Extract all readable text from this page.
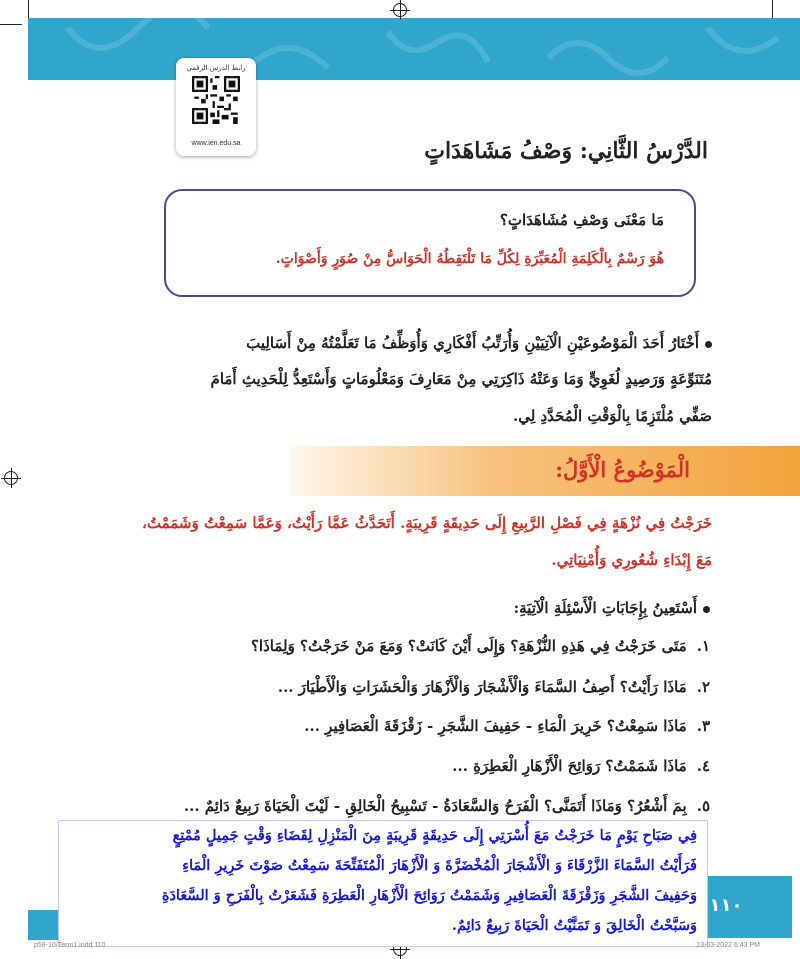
رابط الدرس الرقمي
www.ien.edu.sa	الدَّرْسُ الثَّانِي: وَصْفُ مَشَاهَدَاتٍ
مَا مَعْنَى وَصْفِ مُشَاهَدَاتٍ؟
هُوَ رَسْمٌ بِالْكَلِمَةِ الْمُعَبِّرَةِ لِكُلِّ مَا تَلْتَقِطُهُ الْحَوَاسُّ مِنْ صُوَرٍ وَأَصْوَاتٍ.
أَخْتَارُ أَحَدَ الْمَوْضُوعَيْنِ الْآتِيَيْنِ وَأُرَتِّبُ أَفْكَارِي وَأُوَظِّفُ مَا تَعَلَّمْتُهُ مِنْ أَسَالِيبَ
مُتَنَوِّعَةٍ وَرَصِيدٍ لُغَوِيٍّ وَمَا وَعَتْهُ ذَاكِرَتِي مِنْ مَعَارِفَ وَمَعْلُومَاتٍ وَأَسْتَعِدُّ لِلْحَدِيثِ أَمَامَ
صَفِّي مُلْتَزِمًا بِالْوَقْتِ الْمُحَدَّدِ لِي.
الْمَوْضُوعُ الْأَوَّلُ:
خَرَجْتُ فِي نُزْهَةٍ فِي فَصْلِ الرَّبِيعِ إِلَى حَدِيقَةٍ قَرِيبَةٍ. أَتَحَدَّثُ عَمَّا رَأَيْتُ، وَعَمَّا سَمِعْتُ وَشَمَمْتُ،
مَعَ إِبْدَاءِ شُعُورِي وَأُمْنِيَاتِي.
أَسْتَعِينُ بِإِجَابَاتِ الْأَسْئِلَةِ الْآتِيَةِ:
١.مَتَى خَرَجْتُ فِي هَذِهِ النُّزْهَةِ؟ وَإِلَى أَيْنَ كَانَتْ؟ وَمَعَ مَنْ خَرَجْتُ؟ وَلِمَاذَا؟
٢.مَاذَا رَأَيْتُ؟ أَصِفُ السَّمَاءَ وَالْأَشْجَارَ وَالْأَزْهَارَ وَالْحَشَرَاتِ وَالْأَطْيَارَ ...
٣.مَاذَا سَمِعْتُ؟ خَرِيرَ الْمَاءِ - حَفِيفَ الشَّجَرِ - زَقْزَقَةَ الْعَصَافِيرِ ...
٤.مَاذَا شَمَمْتُ؟ رَوَائِحَ الْأَزْهَارِ الْعَطِرَةِ ...
٥.بِمَ أَشْعُرُ؟ وَمَاذَا أَتَمَنَّى؟ الْفَرَحُ وَالسَّعَادَةُ - تَسْبِيحُ الْخَالِقِ - لَيْتَ الْحَيَاةَ رَبِيعٌ دَائِمٌ ...
١١٠
فِي صَبَاحِ يَوْمٍ مَا خَرَجْتُ مَعَ أُسْرَتِي إِلَى حَدِيقَةٍ قَرِيبَةٍ مِنَ الْمَنْزِلِ لِقَضَاءِ وَقْتٍ جَمِيلٍ مُمْتِعٍ
فَرَأَيْتُ السَّمَاءَ الزَّرْقَاءَ وَ الْأَشْجَارَ الْمُخْضَرَّةَ وَ الْأَزْهَارَ الْمُتَفَتِّحَةَ سَمِعْتُ صَوْتَ خَرِيرِ الْمَاءِ
وَحَفِيفَ الشَّجَرِ وَزَقْزَقَةَ الْعَصَافِيرِ وَشَمَمْتُ رَوَائِحَ الْأَزْهَارِ الْعَطِرَةِ فَشَعَرْتُ بِالْفَرَحِ وَ السَّعَادَةِ
وَسَبَّحْتُ الْخَالِقَ وَ تَمَنَّيْتُ الْحَيَاةَ رَبِيعٌ دَائِمٌ.
p58-10/Term1.indd 110	13-03-2022 6:43 PM
